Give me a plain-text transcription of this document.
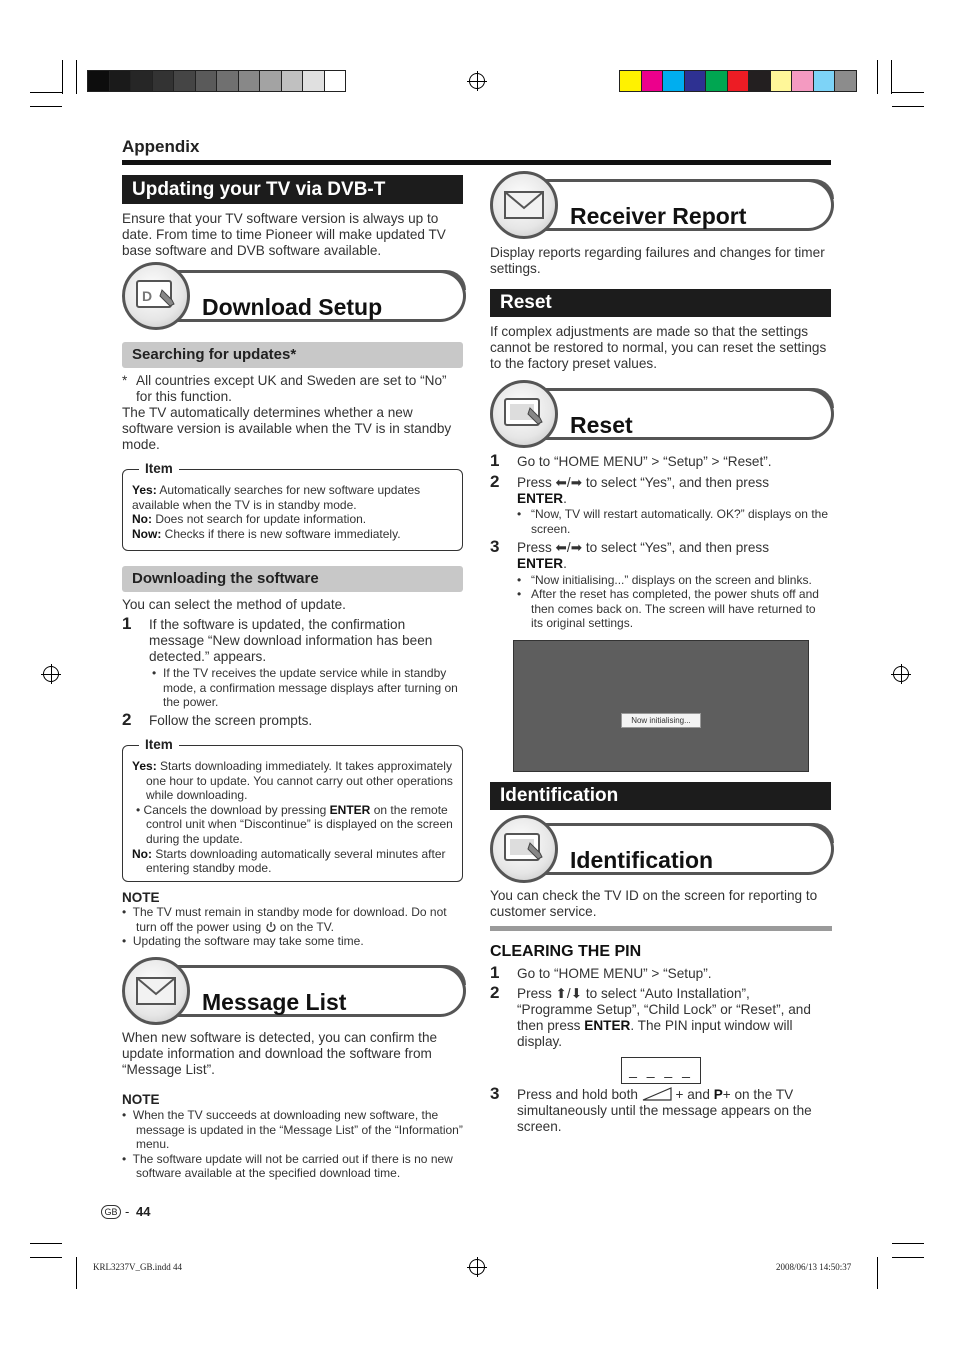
Appendix
Updating your TV via DVB-T
Ensure that your TV software version is always up to date. From time to time Pioneer will make updated TV base software and DVB software available.
D
Digital Setup
Download Setup
Searching for updates*
* All countries except UK and Sweden are set to “No” for this function.
The TV automatically determines whether a new software version is available when the TV is in standby mode.
Item
Yes: Automatically searches for new software updates available when the TV is in standby mode.
No: Does not search for update information.
Now: Checks if there is new software immediately.
Downloading the software
You can select the method of update.
1 If the software is updated, the confirmation message “New download information has been detected.” appears.
• If the TV receives the update service while in standby mode, a confirmation message displays after turning on the power.
2 Follow the screen prompts.
Item
Yes: Starts downloading immediately. It takes approximately one hour to update. You cannot carry out other operations while downloading.
• Cancels the download by pressing ENTER on the remote control unit when “Discontinue” is displayed on the screen during the update.
No: Starts downloading automatically several minutes after entering standby mode.
NOTE
•  The TV must remain in standby mode for download. Do not turn off the power using on the TV.
•  Updating the software may take some time.
Information
Message List
When new software is detected, you can confirm the update information and download the software from “Message List”.
NOTE
•  When the TV succeeds at downloading new software, the message is updated in the “Message List” of the “Information” menu.
•  The software update will not be carried out if there is no new software available at the specified download time.
Information
Receiver Report
Display reports regarding failures and changes for timer settings.
Reset
If complex adjustments are made so that the settings cannot be restored to normal, you can reset the settings to the factory preset values.
Setup
Reset
1 Go to “HOME MENU” > “Setup” > “Reset”.
2 Press ⬅/➡ to select “Yes”, and then press
ENTER.
• “Now, TV will restart automatically. OK?” displays on the screen.
3 Press ⬅/➡ to select “Yes”, and then press
ENTER.
• “Now initialising...” displays on the screen and blinks.
• After the reset has completed, the power shuts off and then comes back on. The screen will have returned to its original settings.
Now initialising...
Identification
Setup
Identification
You can check the TV ID on the screen for reporting to customer service.
CLEARING THE PIN
1 Go to “HOME MENU” > “Setup”.
2 Press ⬆/⬇ to select “Auto Installation”, “Programme Setup”, “Child Lock” or “Reset”, and then press ENTER. The PIN input window will display.
_ _ _ _
3 Press and hold both	+ and P+ on the TV simultaneously until the message appears on the screen.
GB - 44
KRL3237V_GB.indd 44	2008/06/13 14:50:37
